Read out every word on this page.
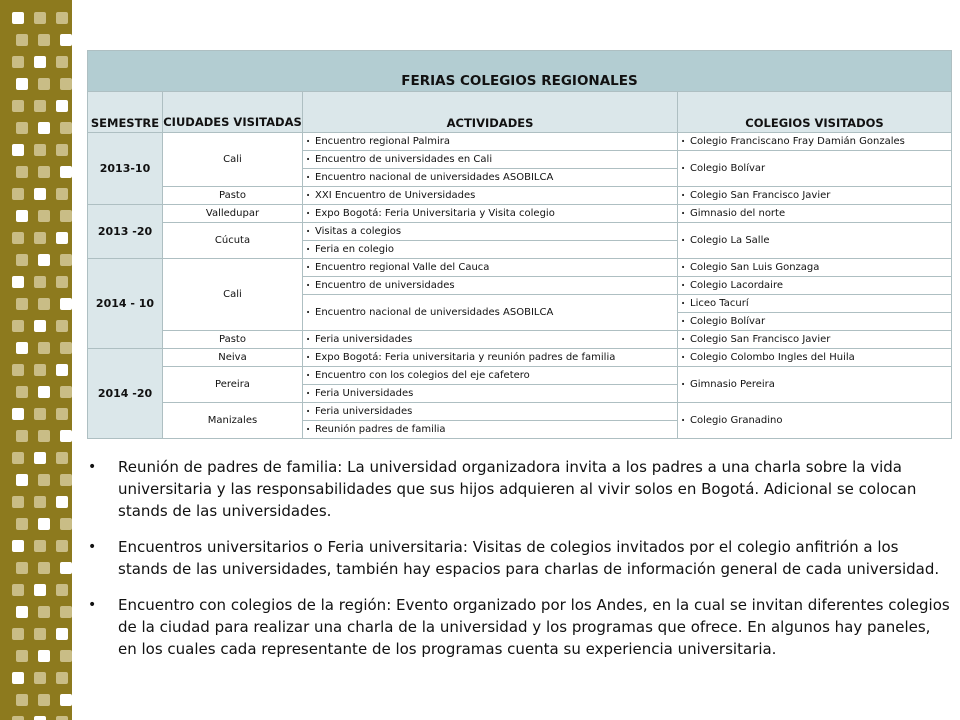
FERIAS COLEGIOS REGIONALES			
SEMESTRE	CIUDADES VISITADAS	ACTIVIDADES	COLEGIOS VISITADOS
2013-10	Cali	• Encuentro regional Palmira	• Colegio Franciscano Fray Damián Gonzales
		• Encuentro de universidades en Cali	• Colegio Bolívar
		• Encuentro nacional de universidades ASOBILCA
	Pasto	• XXI Encuentro de Universidades	• Colegio San Francisco Javier
2013 -20	Valledupar	• Expo Bogotá: Feria Universitaria y Visita colegio	• Gimnasio del norte
	Cúcuta	• Visitas a colegios	• Colegio La Salle
		• Feria en colegio
2014 - 10	Cali	• Encuentro regional Valle del Cauca	• Colegio San Luis Gonzaga
		• Encuentro de universidades	• Colegio Lacordaire
		• Encuentro nacional de universidades ASOBILCA	• Liceo Tacurí
			• Colegio Bolívar
	Pasto	• Feria universidades	• Colegio San Francisco Javier
2014 -20	Neiva	• Expo Bogotá: Feria universitaria y reunión padres de familia	• Colegio Colombo Ingles del Huila
	Pereira	• Encuentro con los colegios del eje cafetero	• Gimnasio Pereira
		• Feria Universidades
	Manizales	• Feria universidades	• Colegio Granadino
		• Reunión padres de familia
• Reunión de padres de familia: La universidad organizadora invita a los padres a una charla sobre la vida universitaria y las responsabilidades que sus hijos adquieren al vivir solos en Bogotá. Adicional se colocan stands de las universidades.
• Encuentros universitarios o Feria universitaria: Visitas de colegios invitados por el colegio anfitrión a los stands de las universidades, también hay espacios para charlas de información general de cada universidad.
• Encuentro con colegios de la región: Evento organizado por los Andes, en la cual se invitan diferentes colegios de la ciudad para realizar una charla de la universidad y los programas que ofrece. En algunos hay paneles, en los cuales cada representante de los programas cuenta su experiencia universitaria.
